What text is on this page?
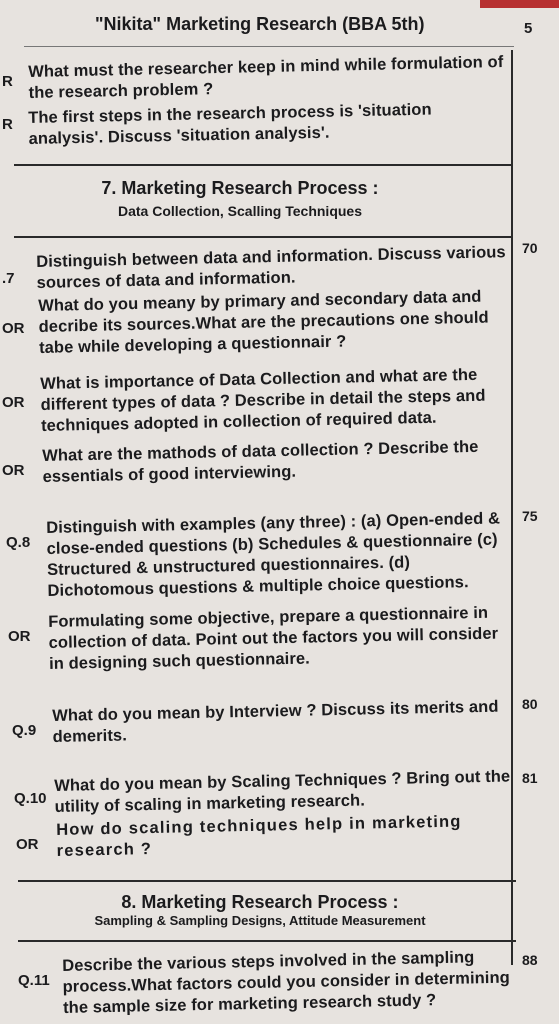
"Nikita" Marketing Research (BBA 5th)	5
R
What must the researcher keep in mind while formulation of the research problem ?
R The first steps in the research process is 'situation analysis'. Discuss 'situation analysis'.
7. Marketing Research Process :
Data Collection, Scalling Techniques
.7
70
Distinguish between data and information. Discuss various sources of data and information.
OR
What do you meany by primary and secondary data and decribe its sources.What are the precautions one should tabe while developing a questionnair ?
OR
What is importance of Data Collection and what are the different types of data ? Describe in detail the steps and techniques adopted in collection of required data.
OR
What are the mathods of data collection ? Describe the essentials of good interviewing.
Q.8
75
Distinguish with examples (any three) : (a) Open-ended & close-ended questions (b) Schedules & questionnaire (c) Structured & unstructured questionnaires. (d) Dichotomous questions & multiple choice questions.
OR
Formulating some objective, prepare a questionnaire in collection of data. Point out the factors you will consider in designing such questionnaire.
Q.9
80
What do you mean by Interview ? Discuss its merits and demerits.
Q.10
81
What do you mean by Scaling Techniques ? Bring out the utility of scaling in marketing research.
OR
How do scaling techniques help in marketing research ?
8. Marketing Research Process :
Sampling & Sampling Designs, Attitude Measurement
Q.11
88
Describe the various steps involved in the sampling process.What factors could you consider in determining the sample size for marketing research study ?
